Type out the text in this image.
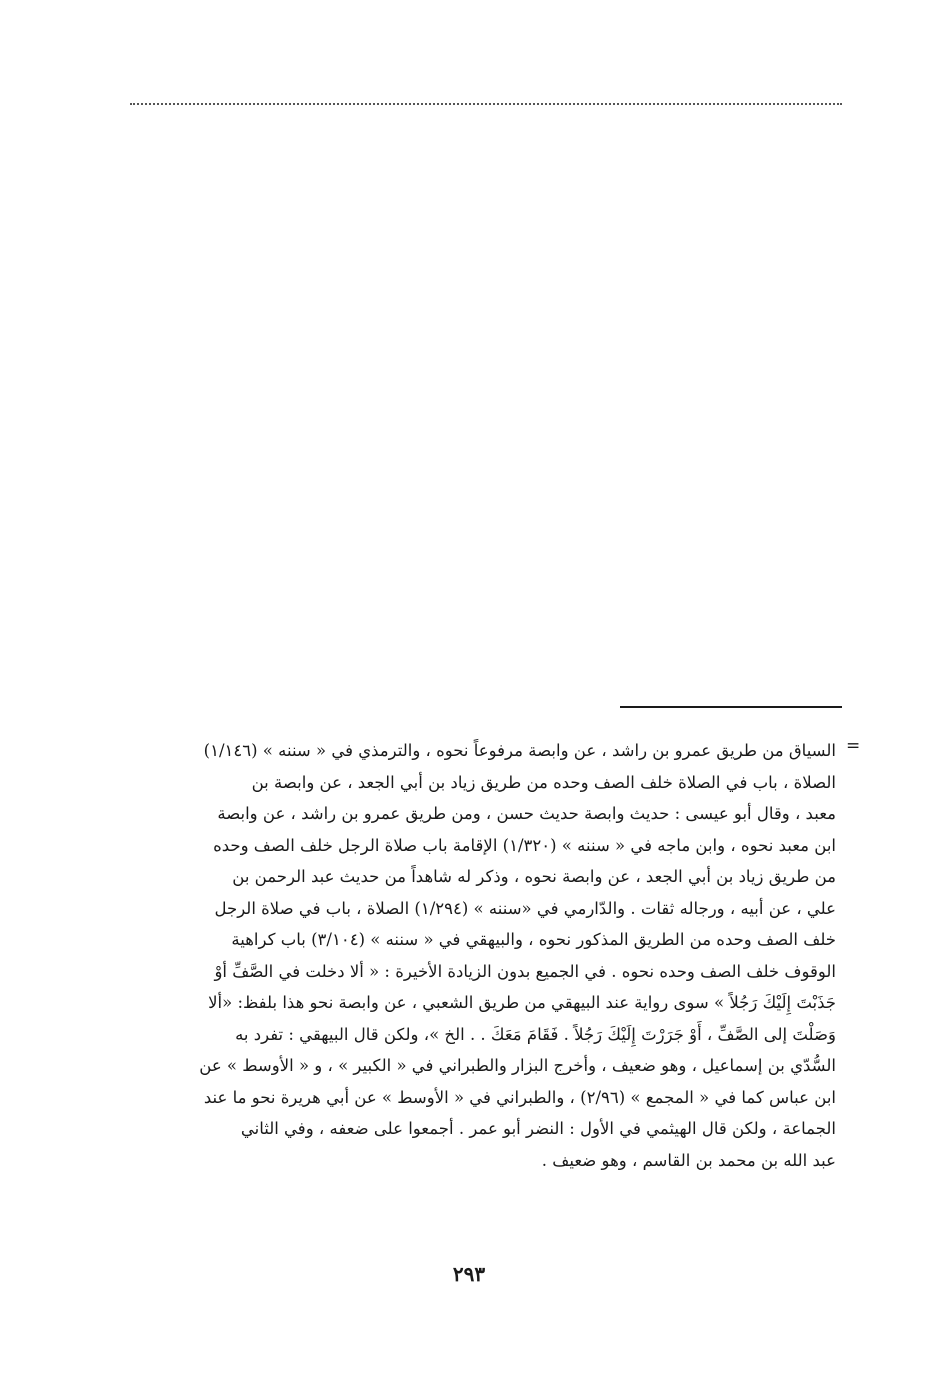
=
السياق من طريق عمرو بن راشد ، عن وابصة مرفوعاً نحوه ، والترمذي في « سننه » (١/١٤٦)
الصلاة ، باب في الصلاة خلف الصف وحده من طريق زياد بن أبي الجعد ، عن وابصة بن
معبد ، وقال أبو عيسى : حديث وابصة حديث حسن ، ومن طريق عمرو بن راشد ، عن وابصة
ابن معبد نحوه ، وابن ماجه في « سننه » (١/٣٢٠) الإقامة باب صلاة الرجل خلف الصف وحده
من طريق زياد بن أبي الجعد ، عن وابصة نحوه ، وذكر له شاهداً من حديث عبد الرحمن بن
علي ، عن أبيه ، ورجاله ثقات . والدّارمي في «سننه » (١/٢٩٤) الصلاة ، باب في صلاة الرجل
خلف الصف وحده من الطريق المذكور نحوه ، والبيهقي في « سننه » (٣/١٠٤) باب كراهية
الوقوف خلف الصف وحده نحوه . في الجميع بدون الزيادة الأخيرة : « ألا دخلت في الصَّفِّ أوْ
جَذَبْتَ إِلَيْكَ رَجُلاً » سوى رواية عند البيهقي من طريق الشعبي ، عن وابصة نحو هذا بلفظ: «ألا
وَصَلْتَ إلى الصَّفِّ ، أَوْ جَرَرْتَ إِلَيْكَ رَجُلاً . فَقَامَ مَعَكَ . . الخ »، ولكن قال البيهقي : تفرد به
السُّدّي بن إسماعيل ، وهو ضعيف ، وأخرج البزار والطبراني في « الكبير » ، و « الأوسط » عن
ابن عباس كما في « المجمع » (٢/٩٦) ، والطبراني في « الأوسط » عن أبي هريرة نحو ما عند
الجماعة ، ولكن قال الهيثمي في الأول : النضر أبو عمر . أجمعوا على ضعفه ، وفي الثاني
عبد الله بن محمد بن القاسم ، وهو ضعيف .
٢٩٣
